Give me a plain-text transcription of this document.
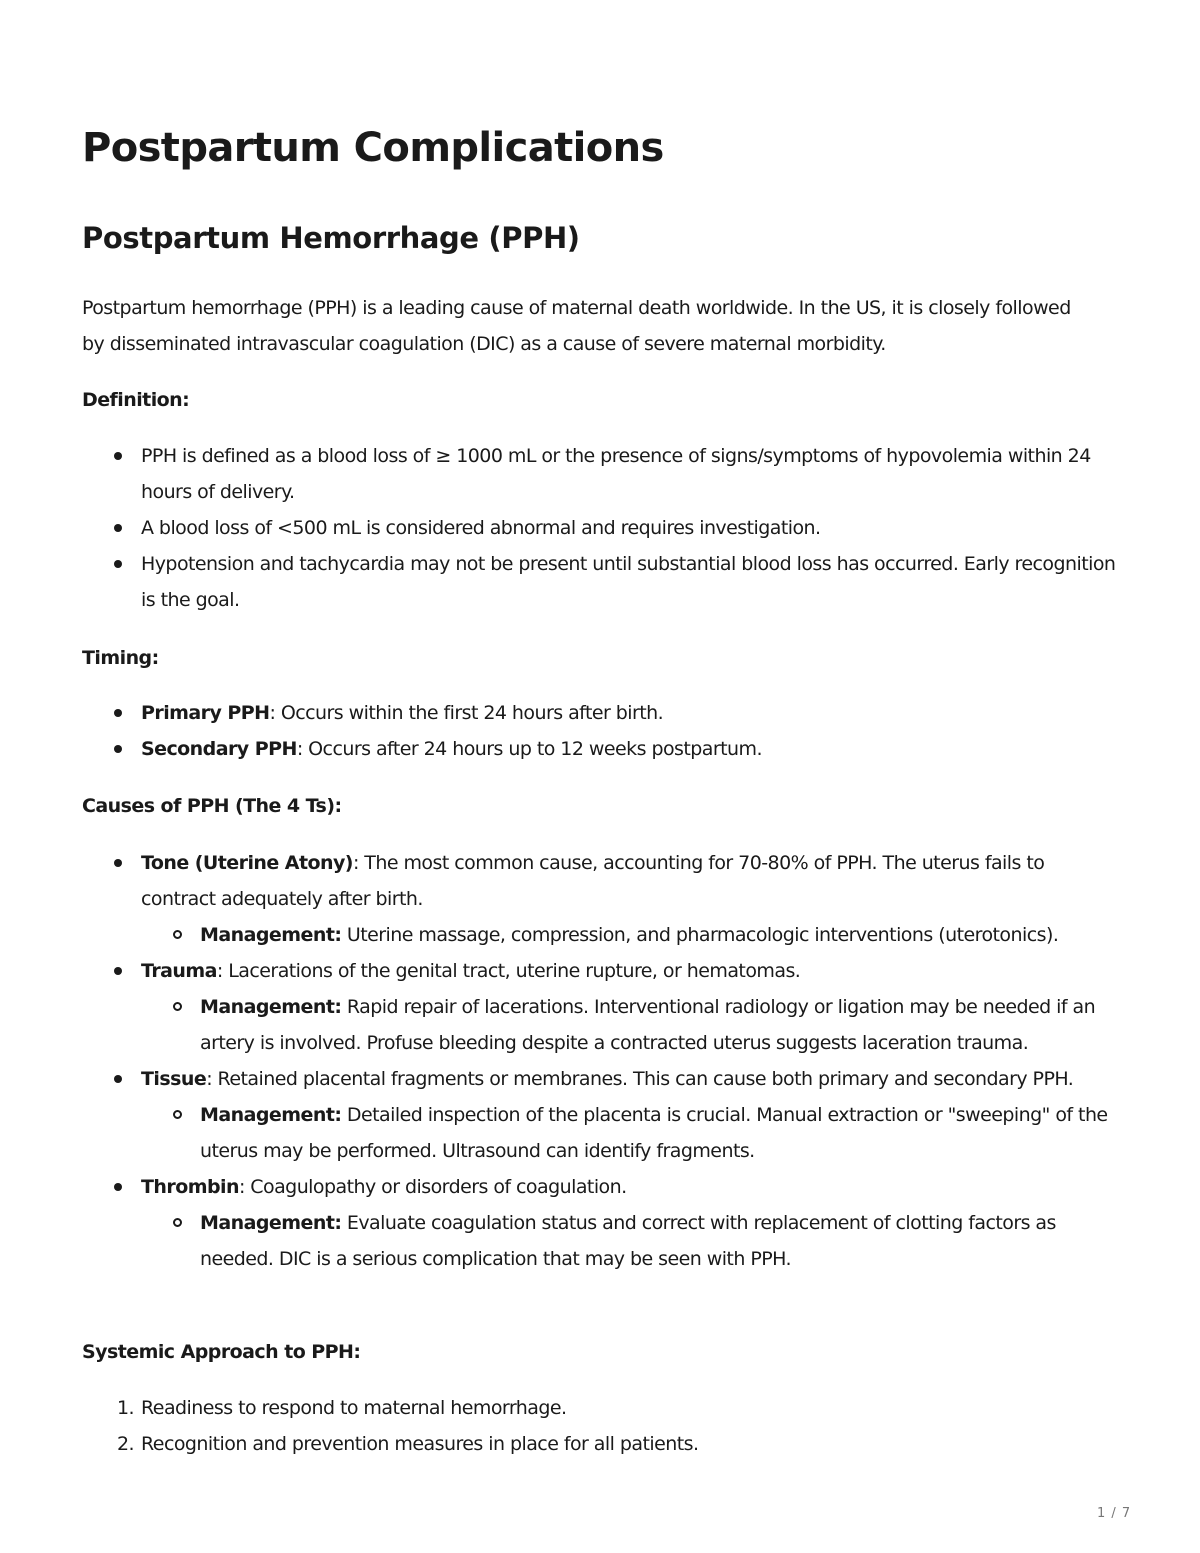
Postpartum Complications
Postpartum Hemorrhage (PPH)

Postpartum hemorrhage (PPH) is a leading cause of maternal death worldwide. In the US, it is closely followed by disseminated intravascular coagulation (DIC) as a cause of severe maternal morbidity.

Definition:
PPH is defined as a blood loss of ≥ 1000 mL or the presence of signs/symptoms of hypovolemia within 24 hours of delivery.
A blood loss of <500 mL is considered abnormal and requires investigation.
Hypotension and tachycardia may not be present until substantial blood loss has occurred. Early recognition is the goal.
Timing:
Primary PPH: Occurs within the first 24 hours after birth.
Secondary PPH: Occurs after 24 hours up to 12 weeks postpartum.
Causes of PPH (The 4 Ts):
Tone (Uterine Atony): The most common cause, accounting for 70-80% of PPH. The uterus fails to contract adequately after birth.
Management: Uterine massage, compression, and pharmacologic interventions (uterotonics).
Trauma: Lacerations of the genital tract, uterine rupture, or hematomas.
Management: Rapid repair of lacerations. Interventional radiology or ligation may be needed if an artery is involved. Profuse bleeding despite a contracted uterus suggests laceration trauma.
Tissue: Retained placental fragments or membranes. This can cause both primary and secondary PPH.
Management: Detailed inspection of the placenta is crucial. Manual extraction or "sweeping" of the uterus may be performed. Ultrasound can identify fragments.
Thrombin: Coagulopathy or disorders of coagulation.
Management: Evaluate coagulation status and correct with replacement of clotting factors as needed. DIC is a serious complication that may be seen with PPH.
Systemic Approach to PPH:
1. Readiness to respond to maternal hemorrhage.
2. Recognition and prevention measures in place for all patients.
1 / 7
